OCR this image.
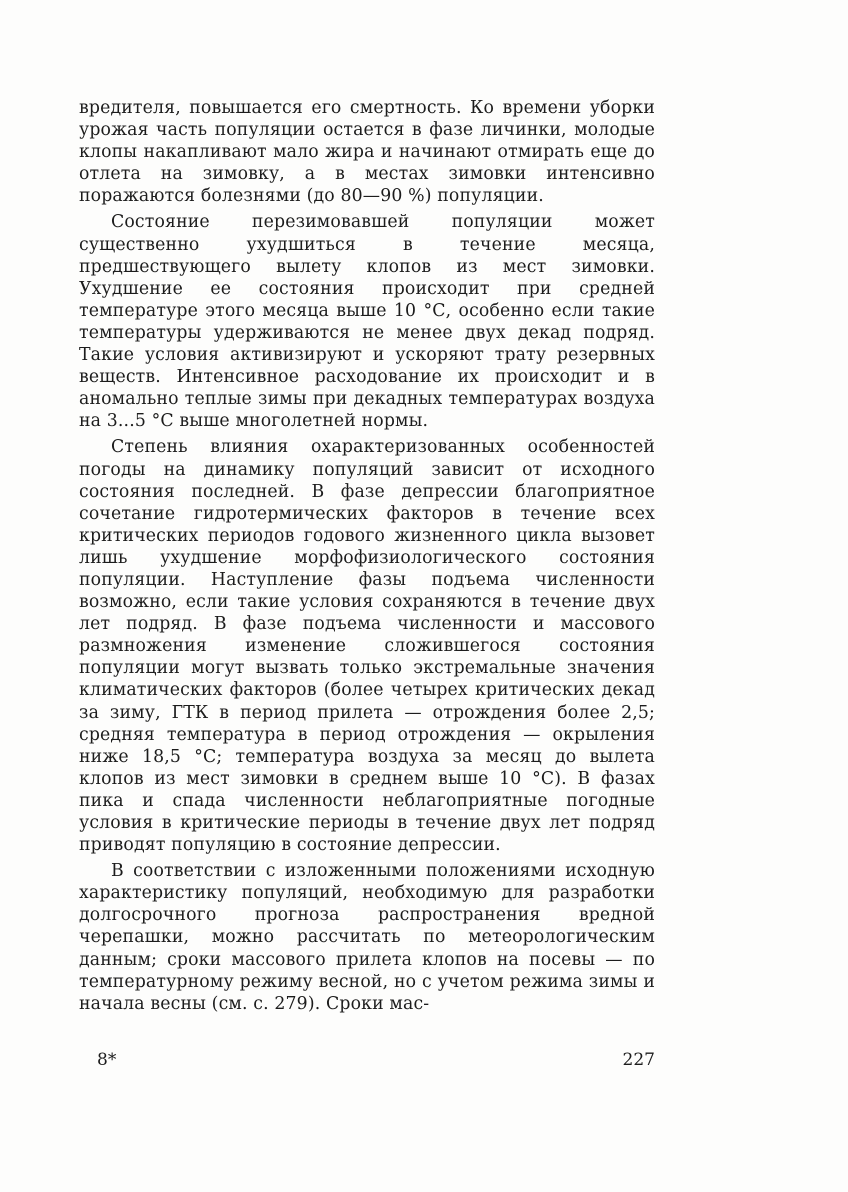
вредителя, повышается его смертность. Ко времени уборки урожая часть популяции остается в фазе личинки, молодые клопы накапливают мало жира и начинают отмирать еще до отлета на зимовку, а в местах зимовки интенсивно поражаются болезнями (до 80—90 %) популяции.

Состояние перезимовавшей популяции может существенно ухудшиться в течение месяца, предшествующего вылету клопов из мест зимовки. Ухудшение ее состояния происходит при средней температуре этого месяца выше 10 °С, особенно если такие температуры удерживаются не менее двух декад подряд. Такие условия активизируют и ускоряют трату резервных веществ. Интенсивное расходование их происходит и в аномально теплые зимы при декадных температурах воздуха на 3...5 °С выше многолетней нормы.

Степень влияния охарактеризованных особенностей погоды на динамику популяций зависит от исходного состояния последней. В фазе депрессии благоприятное сочетание гидротермических факторов в течение всех критических периодов годового жизненного цикла вызовет лишь ухудшение морфофизиологического состояния популяции. Наступление фазы подъема численности возможно, если такие условия сохраняются в течение двух лет подряд. В фазе подъема численности и массового размножения изменение сложившегося состояния популяции могут вызвать только экстремальные значения климатических факторов (более четырех критических декад за зиму, ГТК в период прилета — отрождения более 2,5; средняя температура в период отрождения — окрыления ниже 18,5 °С; температура воздуха за месяц до вылета клопов из мест зимовки в среднем выше 10 °С). В фазах пика и спада численности неблагоприятные погодные условия в критические периоды в течение двух лет подряд приводят популяцию в состояние депрессии.

В соответствии с изложенными положениями исходную характеристику популяций, необходимую для разработки долгосрочного прогноза распространения вредной черепашки, можно рассчитать по метеорологическим данным; сроки массового прилета клопов на посевы — по температурному режиму весной, но с учетом режима зимы и начала весны (см. с. 279). Сроки мас-

8*	227
